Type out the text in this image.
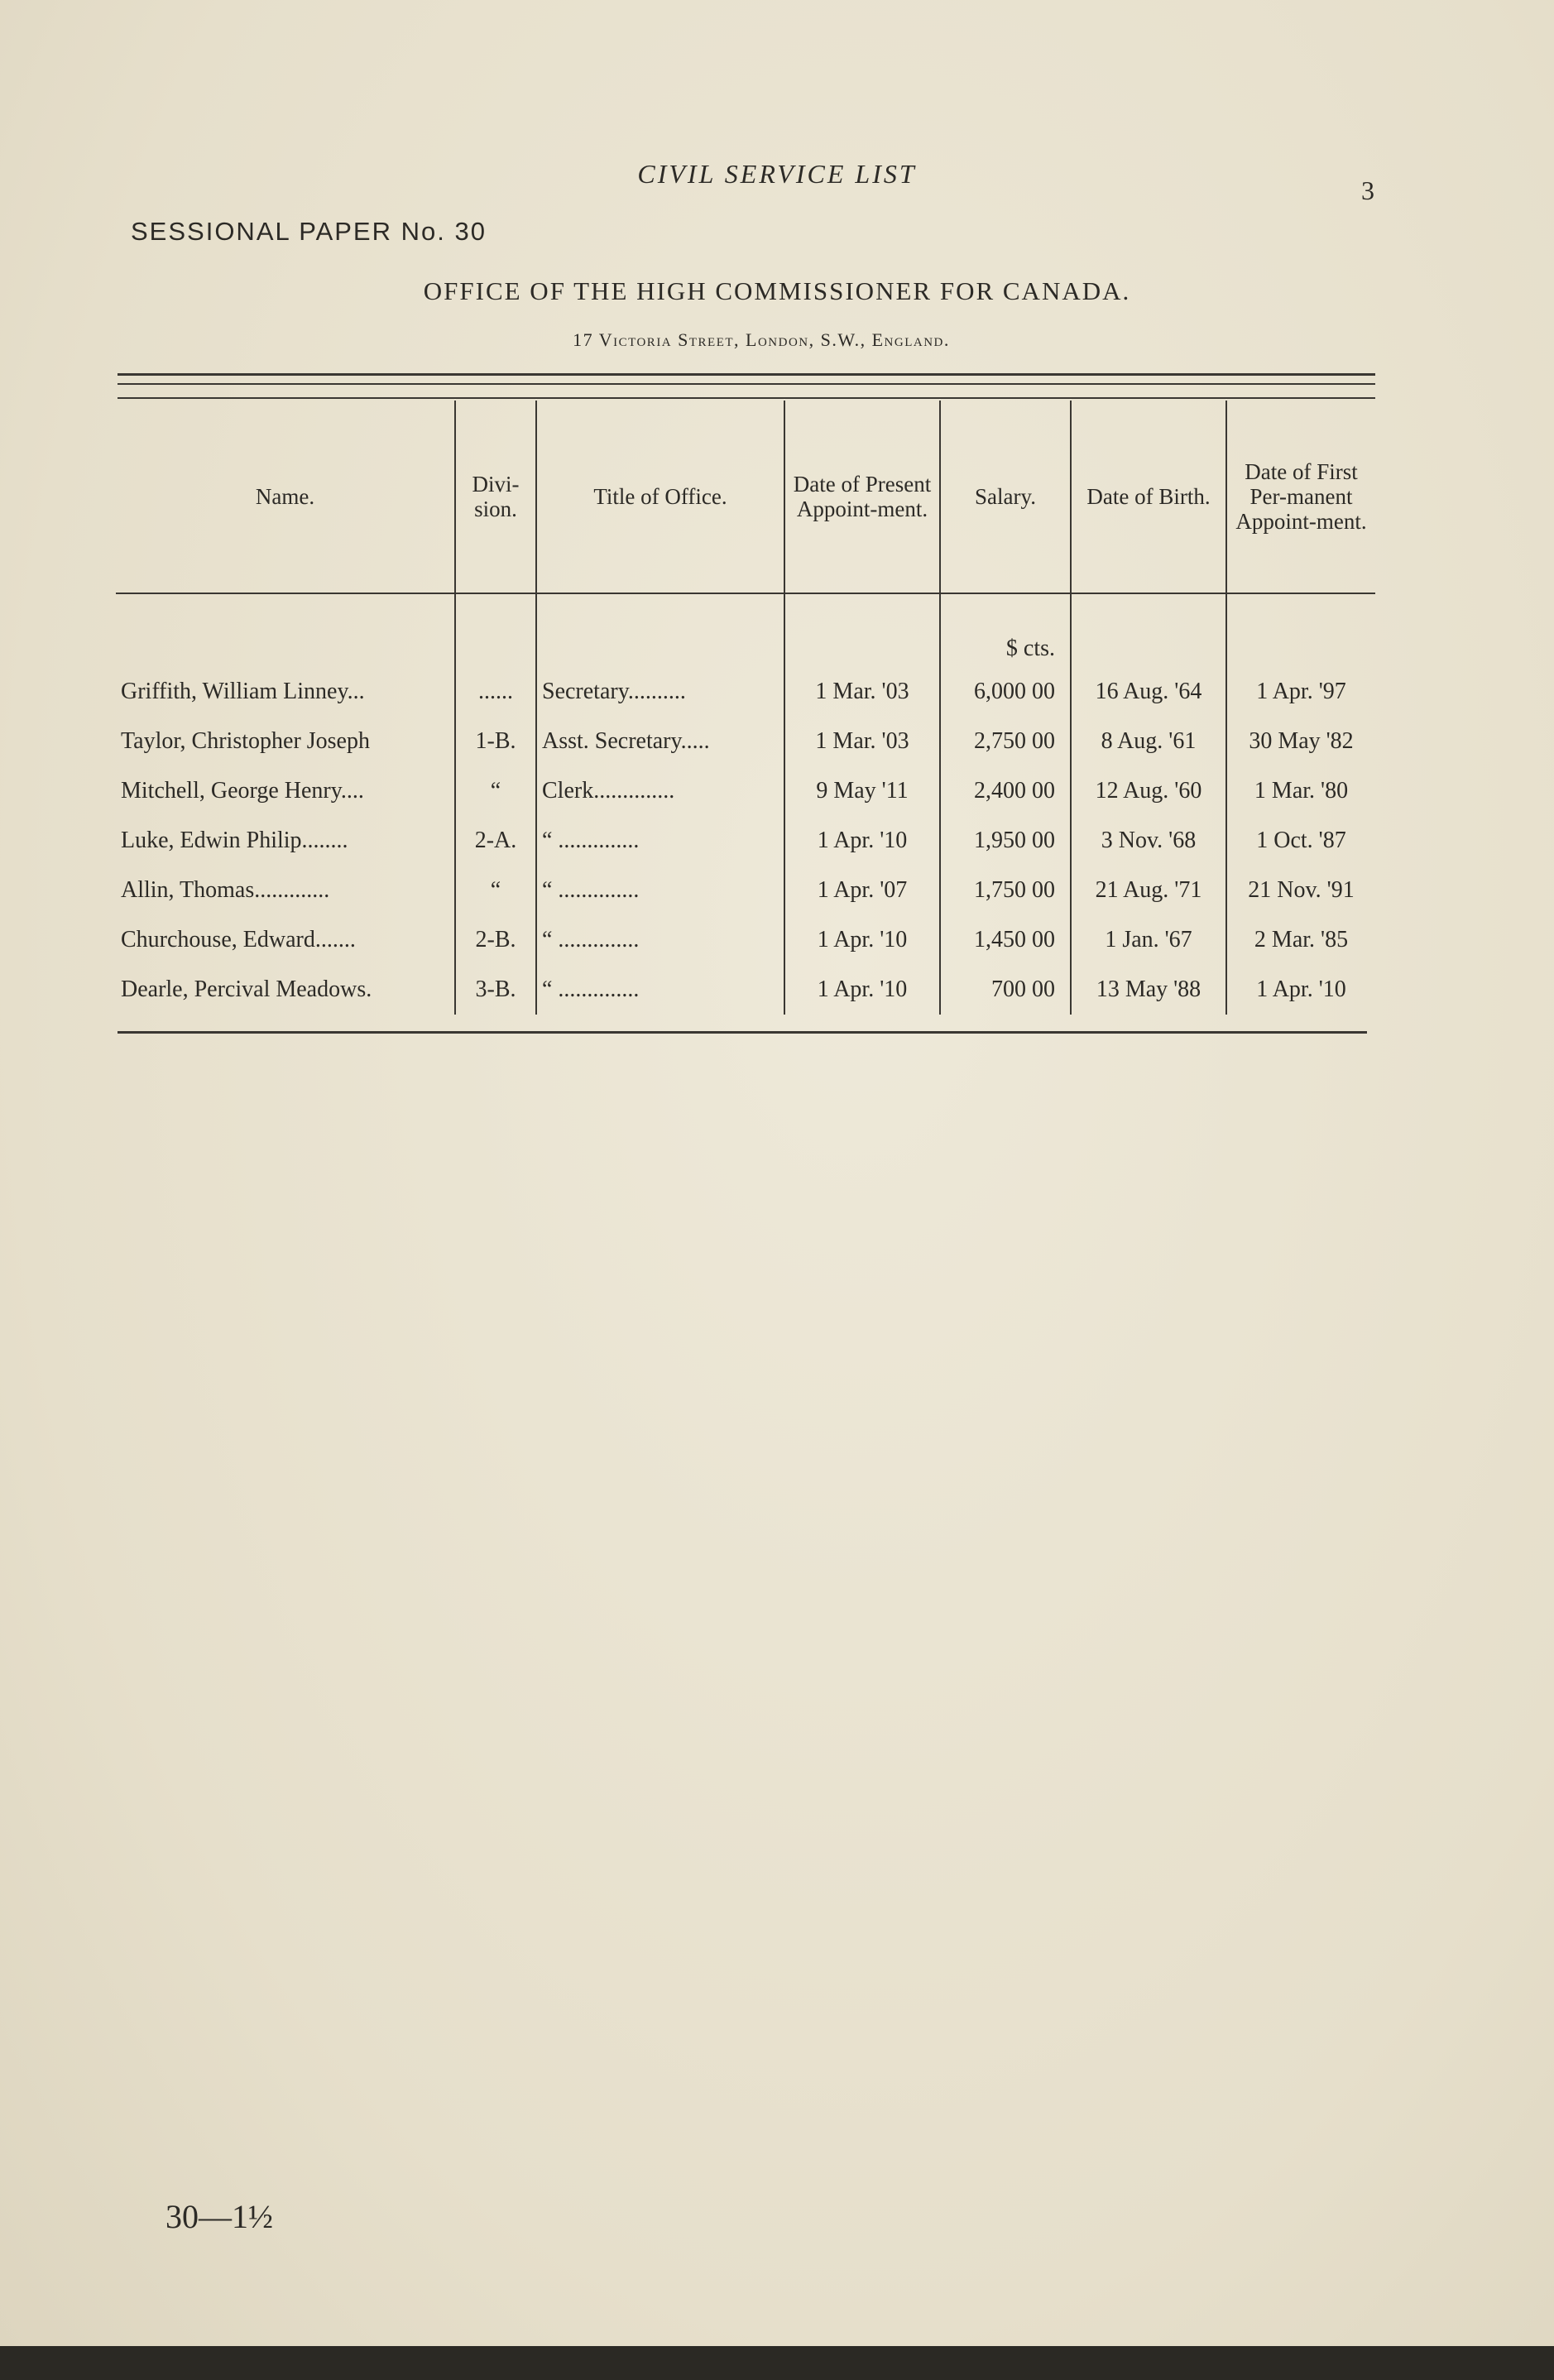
CIVIL SERVICE LIST
3
SESSIONAL PAPER No. 30
OFFICE OF THE HIGH COMMISSIONER FOR CANADA.
17 Victoria Street, London, S.W., England.
Name.	Divi-sion.	Title of Office.	Date of Present Appoint-ment.	Salary.	Date of Birth.	Date of First Per-manent Appoint-ment.
				$ cts.		
Griffith, William Linney...	......	Secretary..........	1 Mar. '03	6,000 00	16 Aug. '64	1 Apr. '97
Taylor, Christopher Joseph	1-B.	Asst. Secretary.....	1 Mar. '03	2,750 00	8 Aug. '61	30 May '82
Mitchell, George Henry....	“	Clerk..............	9 May '11	2,400 00	12 Aug. '60	1 Mar. '80
Luke, Edwin Philip........	2-A.	“ ..............	1 Apr. '10	1,950 00	3 Nov. '68	1 Oct. '87
Allin, Thomas.............	“	“ ..............	1 Apr. '07	1,750 00	21 Aug. '71	21 Nov. '91
Churchouse, Edward.......	2-B.	“ ..............	1 Apr. '10	1,450 00	1 Jan. '67	2 Mar. '85
Dearle, Percival Meadows.	3-B.	“ ..............	1 Apr. '10	700 00	13 May '88	1 Apr. '10
30—1½
